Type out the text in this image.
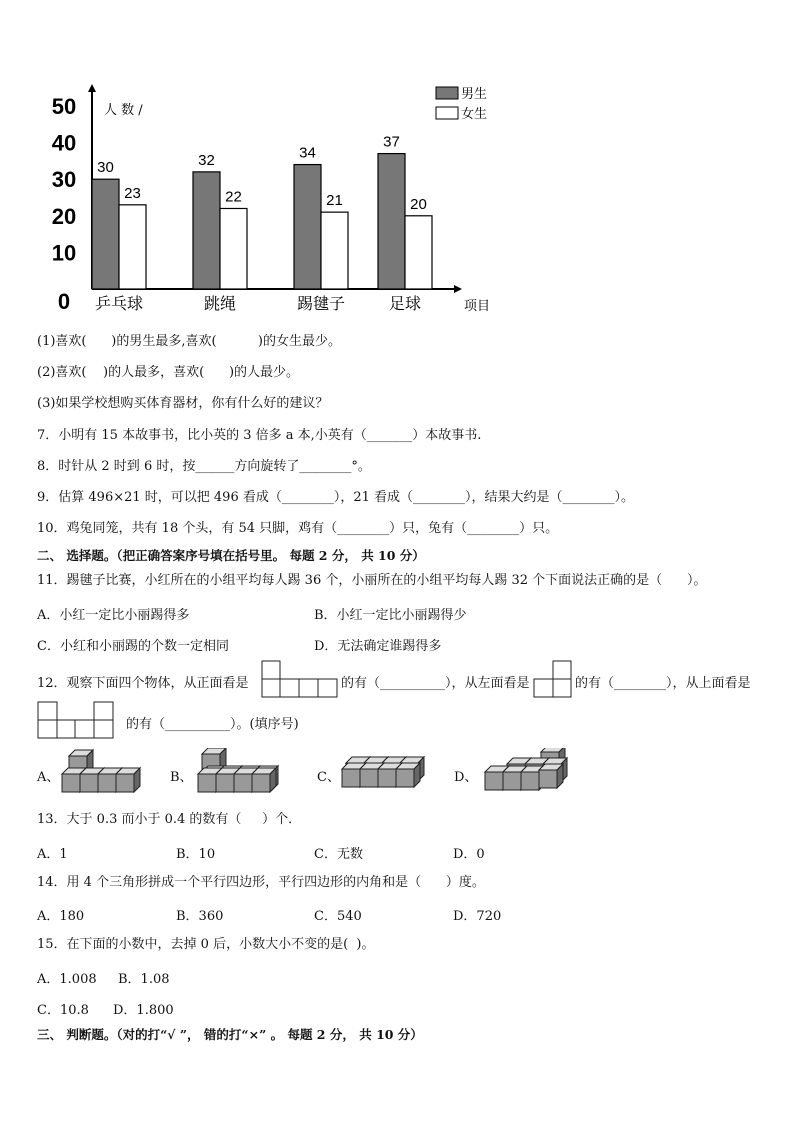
0
10
20
30
40
50 人 数 /
项目
30
23
乒乓球
32
22
跳绳
34
21
踢毽子
37
20
足球
男生
女生
(1)喜欢(      )的男生最多,喜欢(          )的女生最少。
(2)喜欢(    )的人最多，喜欢(      )的人最少。
(3)如果学校想购买体育器材，你有什么好的建议？
7．小明有 15 本故事书，比小英的 3 倍多 a 本,小英有（_______）本故事书.
8．时针从 2 时到 6 时，按______方向旋转了________°。
9．估算 496×21 时，可以把 496 看成（________），21 看成（________），结果大约是（________）。
10．鸡兔同笼，共有 18 个头，有 54 只脚，鸡有（________）只，兔有（________）只。
二、 选择题。（把正确答案序号填在括号里。 每题 2 分， 共 10 分）
11．踢毽子比赛，小红所在的小组平均每人踢 36 个，小丽所在的小组平均每人踢 32 个下面说法正确的是（      ）。
A．小红一定比小丽踢得多	B．小红一定比小丽踢得少
C．小红和小丽踢的个数一定相同	D．无法确定谁踢得多
12．观察下面四个物体，从正面看是	的有（__________），从左面看是	的有（________），从上面看是
的有（__________）。(填序号)
A、	B、	C、	D、
13．大于 0.3 而小于 0.4 的数有（     ）个．
A．1	B．10	C．无数	D．0
14．用 4 个三角形拼成一个平行四边形，平行四边形的内角和是（      ）度。
A．180	B．360	C．540	D．720
15．在下面的小数中，去掉 0 后，小数大小不变的是(  )。
A．1.008 B．1.08
C．10.8 D．1.800
三、 判断题。（对的打“√ ”， 错的打“×” 。 每题 2 分， 共 10 分）
